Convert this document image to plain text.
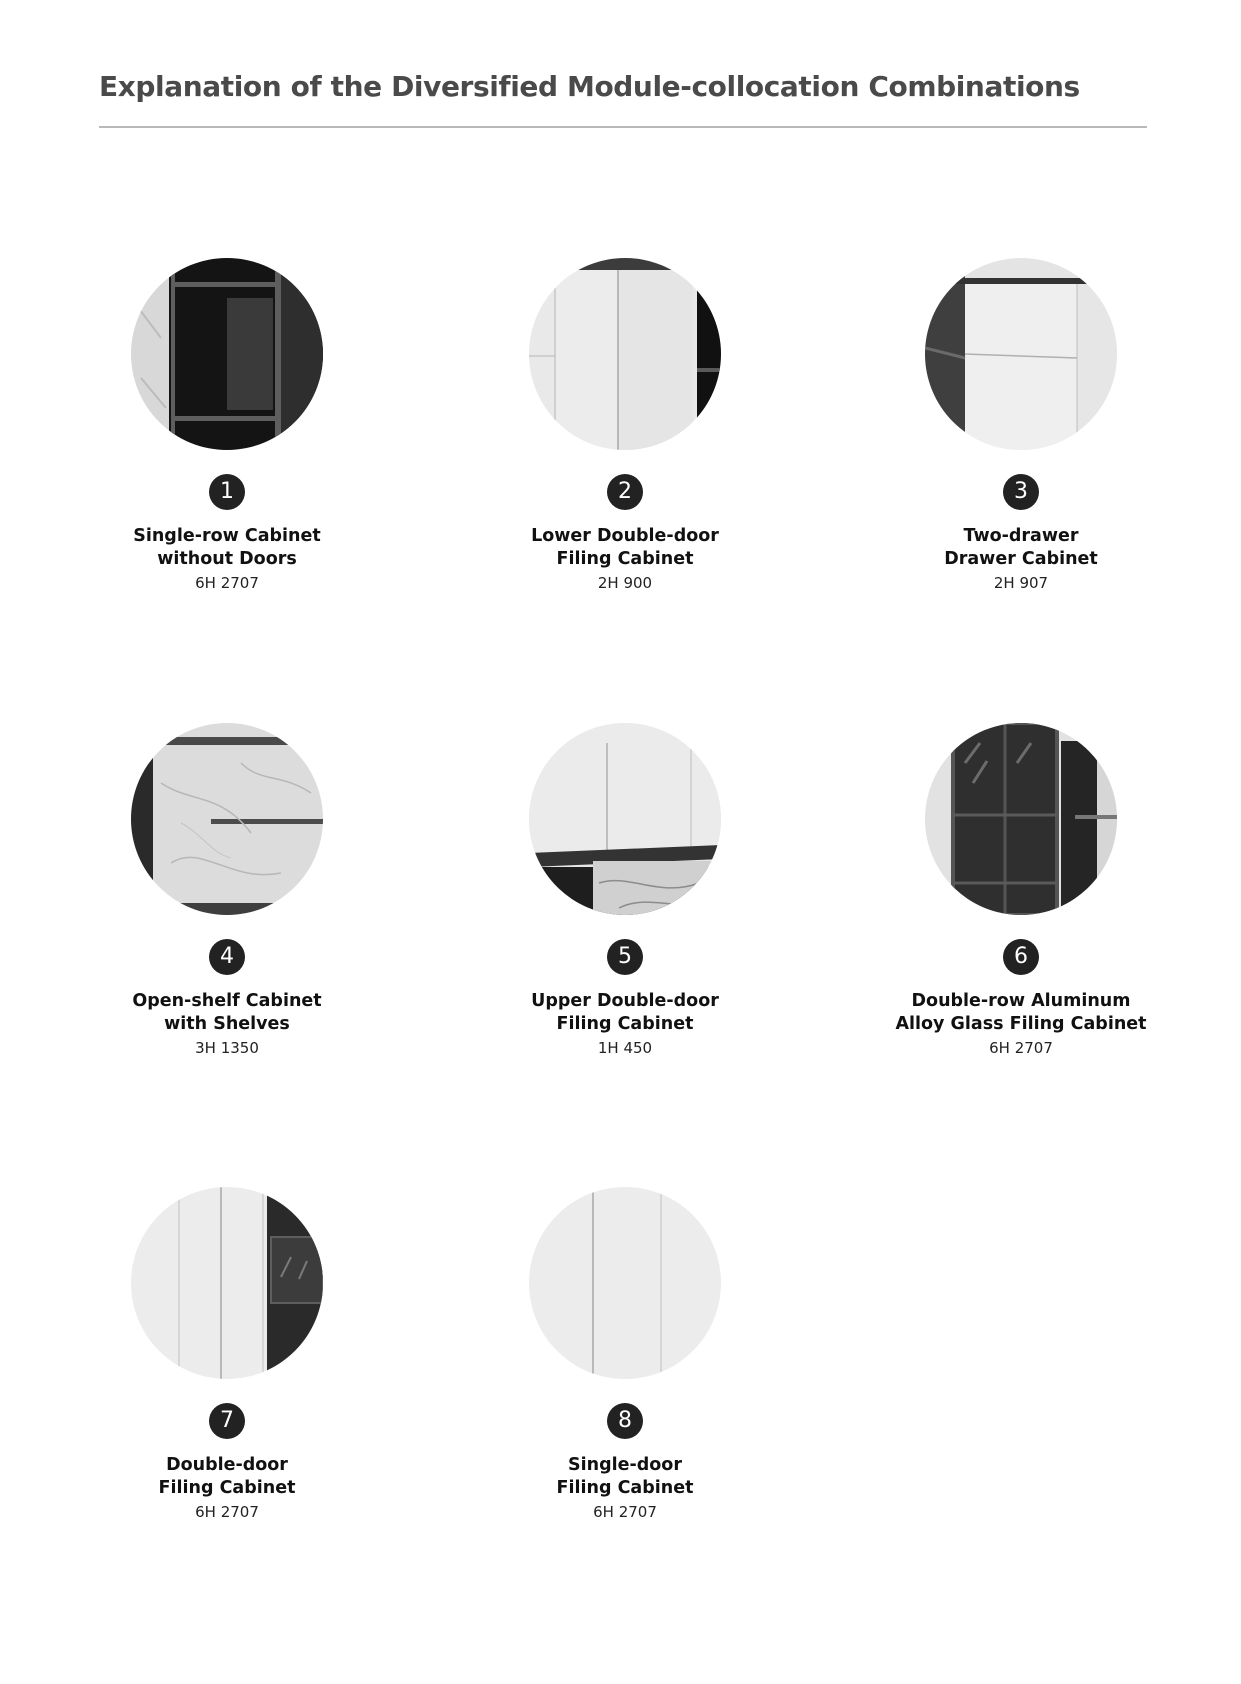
Explanation of the Diversified Module-collocation Combinations
1
Single-row Cabinet
without Doors
6H 2707
2
Lower Double-door
Filing Cabinet
2H 900
3
Two-drawer
Drawer Cabinet
2H 907
4
Open-shelf Cabinet
with Shelves
3H 1350
5
Upper Double-door
Filing Cabinet
1H 450
6
Double-row Aluminum
Alloy Glass Filing Cabinet
6H 2707
7
Double-door
Filing Cabinet
6H 2707
8
Single-door
Filing Cabinet
6H 2707
